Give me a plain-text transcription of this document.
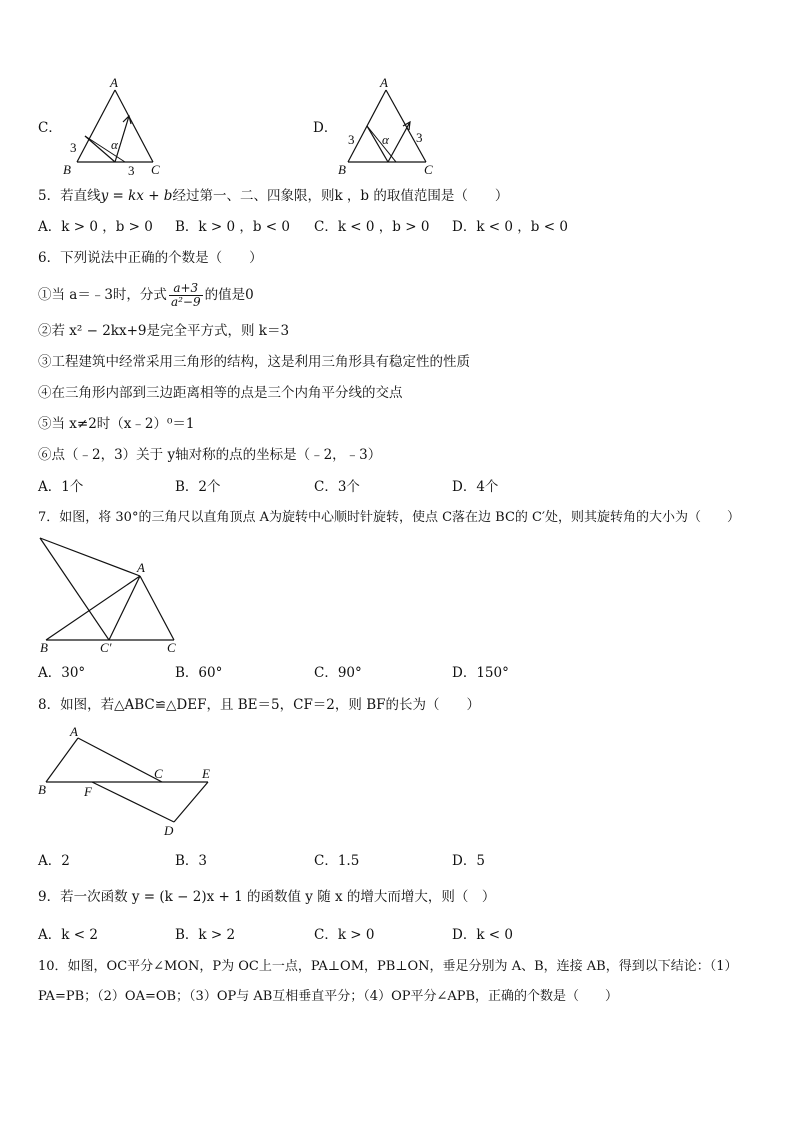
C．
A
B	C
3
3
α
D．
A
B	C
3	3
α
5．若直线y = kx + b经过第一、二、四象限，则k ，b 的取值范围是（　　）
A．k > 0 ，b > 0 B．k > 0 ，b < 0 C．k < 0 ，b > 0 D．k < 0 ，b < 0
6．下列说法中正确的个数是（　　）
①当 a＝﹣3时，分式 $\frac{a+3}{\text{a²−9}}$ 的值是0
②若 x² − 2kx+9是完全平方式，则 k＝3
③工程建筑中经常采用三角形的结构，这是利用三角形具有稳定性的性质
④在三角形内部到三边距离相等的点是三个内角平分线的交点
⑤当 x≠2时（x﹣2）⁰＝1
⑥点（﹣2，3）关于 y轴对称的点的坐标是（﹣2，﹣3）
A．1个	B．2个	C．3个	D．4个
7．如图，将 30°的三角尺以直角顶点 A为旋转中心顺时针旋转，使点 C落在边 BC的 C′处，则其旋转角的大小为（　　）
A
B	C′	C
A．30°	B．60°	C．90°	D．150°
8．如图，若△ABC≌△DEF，且 BE＝5，CF＝2，则 BF的长为（　　）
A
B
C	E
F
D
A．2	B．3	C．1.5	D．5
9．若一次函数 y = (k − 2)x + 1 的函数值 y 随 x 的增大而增大，则（　）
A．k < 2	B．k > 2	C．k > 0	D．k < 0
10．如图，OC平分∠MON，P为 OC上一点，PA⊥OM，PB⊥ON，垂足分别为 A、B，连接 AB，得到以下结论：（1）
PA=PB；（2）OA=OB；（3）OP与 AB互相垂直平分；（4）OP平分∠APB，正确的个数是（　　）
